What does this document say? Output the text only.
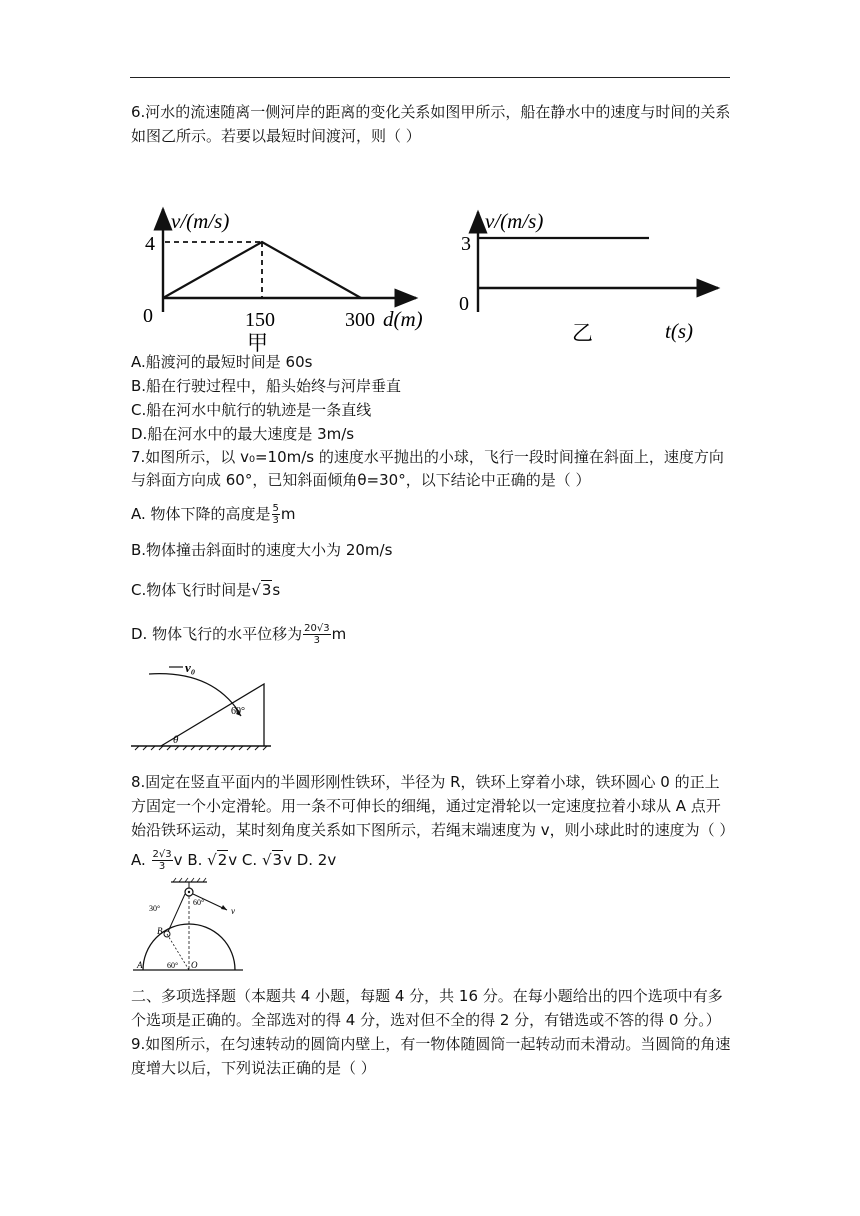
6.河水的流速随离一侧河岸的距离的变化关系如图甲所示，船在静水中的速度与时间的关系如图乙所示。若要以最短时间渡河，则（ ）

v/(m/s)
4
0	150	300 d(m)
甲
v/(m/s)
3
0
乙	t(s)

A.船渡河的最短时间是 60s

B.船在行驶过程中，船头始终与河岸垂直

C.船在河水中航行的轨迹是一条直线

D.船在河水中的最大速度是 3m/s

7.如图所示，以 v₀=10m/s 的速度水平抛出的小球，飞行一段时间撞在斜面上，速度方向与斜面方向成 60°，已知斜面倾角θ=30°，以下结论中正确的是（ ）

A. 物体下降的高度是 $\frac{5}{3}$ m

B.物体撞击斜面时的速度大小为 20m/s

C.物体飞行时间是√3s

D. 物体飞行的水平位移为 $\frac{20√3}{3}$ m

v₀
60°
θ

8.固定在竖直平面内的半圆形刚性铁环，半径为 R，铁环上穿着小球，铁环圆心 0 的正上方固定一个小定滑轮。用一条不可伸长的细绳，通过定滑轮以一定速度拉着小球从 A 点开始沿铁环运动，某时刻角度关系如下图所示，若绳末端速度为 v，则小球此时的速度为（ ）

A. $\frac{2√3}{3}$ v B. √2v C. √3v D. 2v

30°
60°
v
B
A	60° O

二、多项选择题（本题共 4 小题，每题 4 分，共 16 分。在每小题给出的四个选项中有多个选项是正确的。全部选对的得 4 分，选对但不全的得 2 分，有错选或不答的得 0 分。）

9.如图所示，在匀速转动的圆筒内壁上，有一物体随圆筒一起转动而未滑动。当圆筒的角速度增大以后，下列说法正确的是（ ）
